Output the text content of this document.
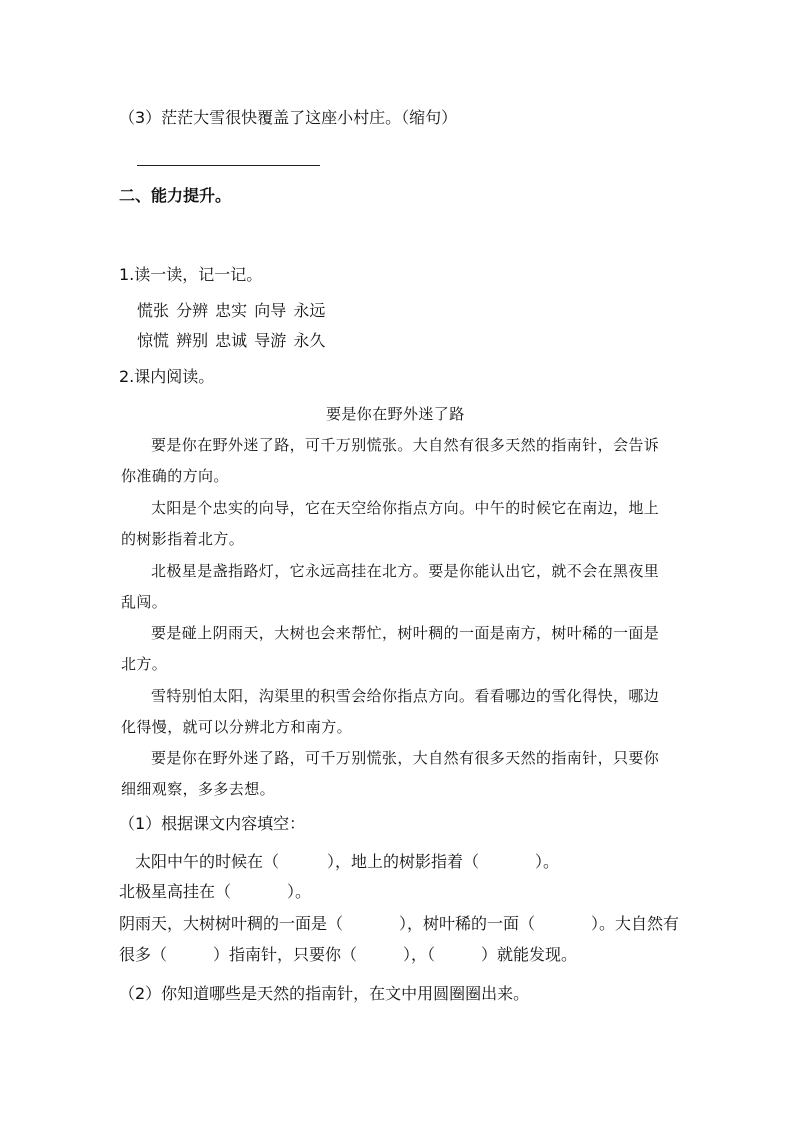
（3）茫茫大雪很快覆盖了这座小村庄。（缩句）
二、能力提升。
1.读一读，记一记。
慌张 分辨 忠实 向导 永远
惊慌 辨别 忠诚 导游 永久
2.课内阅读。
要是你在野外迷了路
要是你在野外迷了路，可千万别慌张。大自然有很多天然的指南针，会告诉
你准确的方向。
太阳是个忠实的向导，它在天空给你指点方向。中午的时候它在南边，地上
的树影指着北方。
北极星是盏指路灯，它永远高挂在北方。要是你能认出它，就不会在黑夜里
乱闯。
要是碰上阴雨天，大树也会来帮忙，树叶稠的一面是南方，树叶稀的一面是
北方。
雪特别怕太阳，沟渠里的积雪会给你指点方向。看看哪边的雪化得快，哪边
化得慢，就可以分辨北方和南方。
要是你在野外迷了路，可千万别慌张，大自然有很多天然的指南针，只要你
细细观察，多多去想。
（1）根据课文内容填空：
太阳中午的时候在（	），地上的树影指着（	）。
北极星高挂在（	）。
阴雨天，大树树叶稠的一面是（	），树叶稀的一面（	）。大自然有
很多（	）指南针，只要你（	），（	）就能发现。
（2）你知道哪些是天然的指南针，在文中用圆圈圈出来。
